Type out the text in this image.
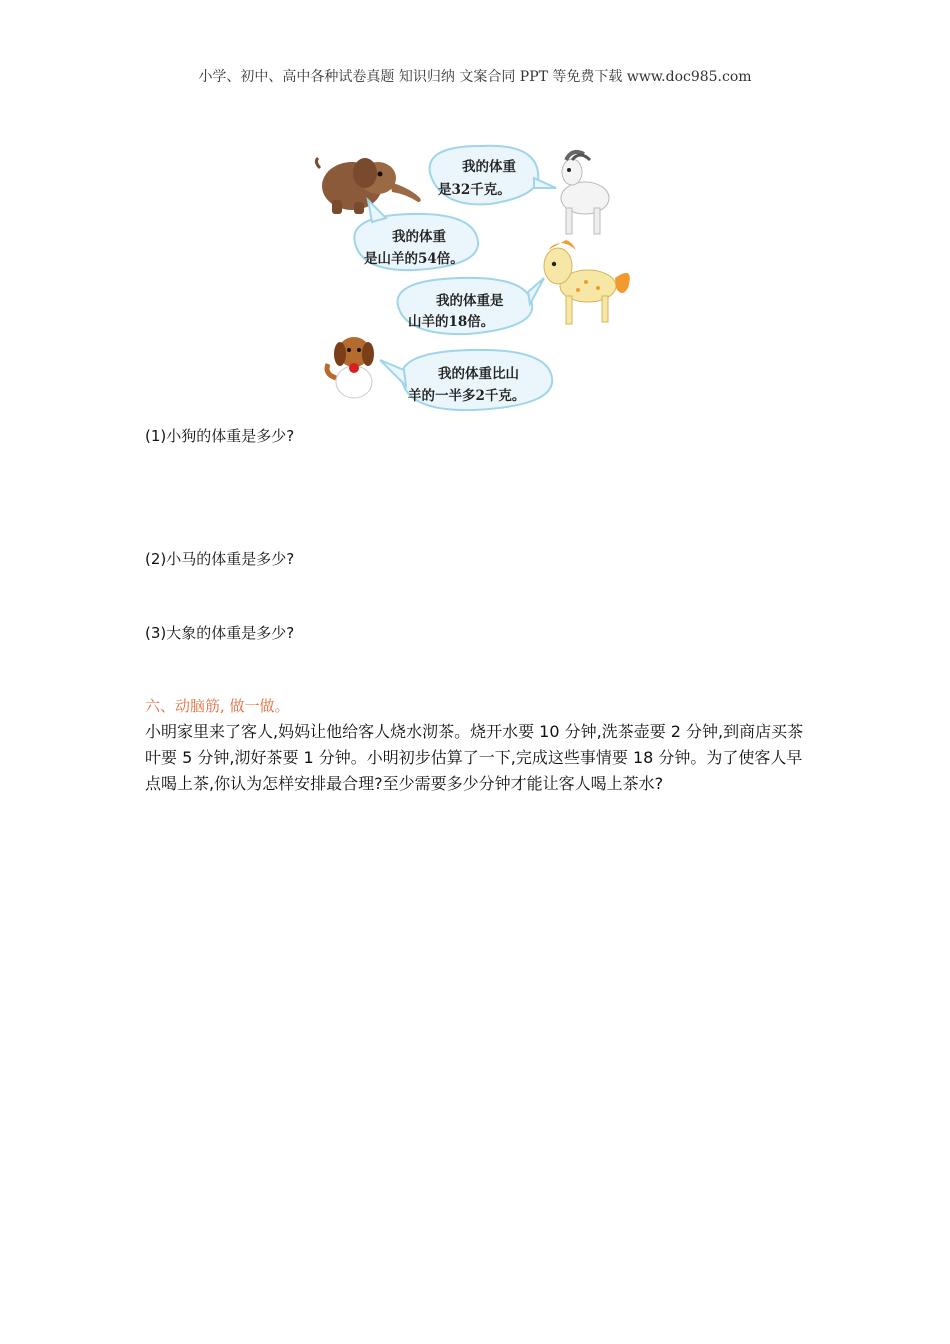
小学、初中、高中各种试卷真题 知识归纳 文案合同 PPT 等免费下载 www.doc985.com
我的体重
是32千克。
我的体重
是山羊的54倍。
我的体重是
山羊的18倍。
我的体重比山
羊的一半多2千克。
(1)小狗的体重是多少?
(2)小马的体重是多少?
(3)大象的体重是多少?
六、动脑筋, 做一做。
小明家里来了客人,妈妈让他给客人烧水沏茶。烧开水要 10 分钟,洗茶壶要 2 分钟,到商店买茶叶要 5 分钟,沏好茶要 1 分钟。小明初步估算了一下,完成这些事情要 18 分钟。为了使客人早点喝上茶,你认为怎样安排最合理?至少需要多少分钟才能让客人喝上茶水?
